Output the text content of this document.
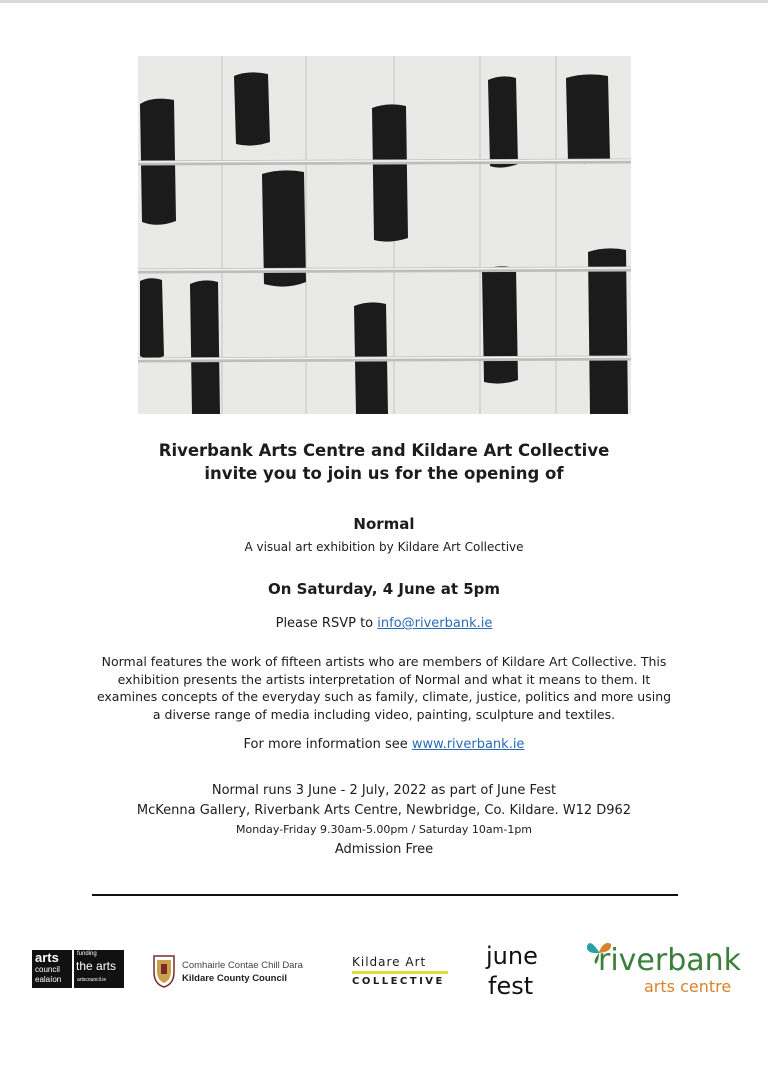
Riverbank Arts Centre and Kildare Art Collective
invite you to join us for the opening of
Normal
A visual art exhibition by Kildare Art Collective
On Saturday, 4 June at 5pm
Please RSVP to info@riverbank.ie
Normal features the work of fifteen artists who are members of Kildare Art Collective. This exhibition presents the artists interpretation of Normal and what it means to them. It examines concepts of the everyday such as family, climate, justice, politics and more using a diverse range of media including video, painting, sculpture and textiles.
For more information see www.riverbank.ie
Normal runs 3 June - 2 July, 2022 as part of June Fest
McKenna Gallery, Riverbank Arts Centre, Newbridge, Co. Kildare. W12 D962
Monday-Friday 9.30am-5.00pm / Saturday 10am-1pm
Admission Free
arts
council
ealaíon
funding
the arts
artscouncil.ie
Comhairle Contae Chill Dara
Kildare County Council
Kildare Art
COLLECTIVE
june
fest
riverbank
arts centre
